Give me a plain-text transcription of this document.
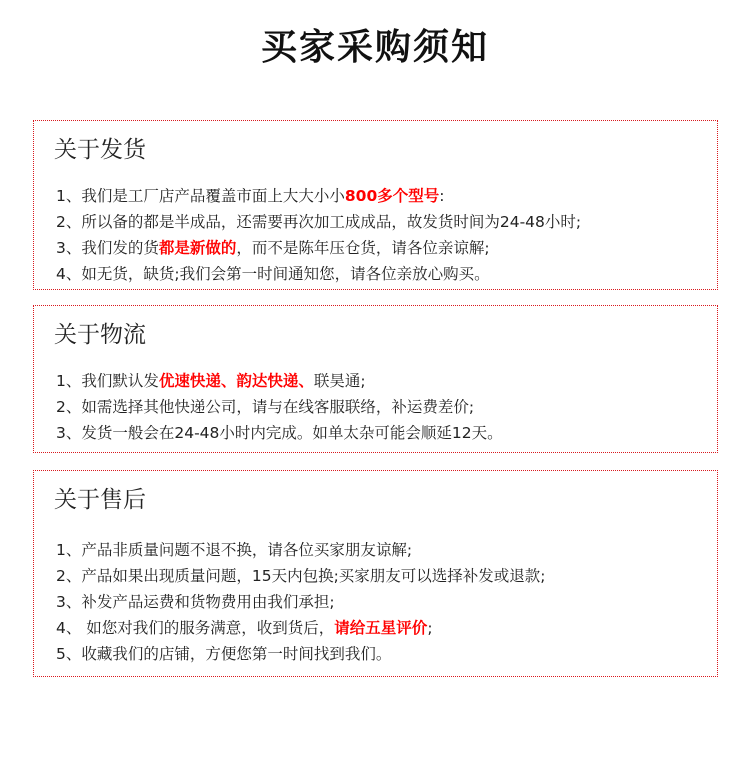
买家采购须知
关于发货
1、我们是工厂店产品覆盖市面上大大小小800多个型号:
2、所以备的都是半成品，还需要再次加工成成品，故发货时间为24-48小时;
3、我们发的货都是新做的，而不是陈年压仓货，请各位亲谅解;
4、如无货，缺货;我们会第一时间通知您，请各位亲放心购买。
关于物流
1、我们默认发优速快递、韵达快递、联昊通;
2、如需选择其他快递公司，请与在线客服联络，补运费差价;
3、发货一般会在24-48小时内完成。如单太杂可能会顺延12天。
关于售后
1、产品非质量问题不退不换，请各位买家朋友谅解;
2、产品如果出现质量问题，15天内包换;买家朋友可以选择补发或退款;
3、补发产品运费和货物费用由我们承担;
4、 如您对我们的服务满意，收到货后，请给五星评价;
5、收藏我们的店铺，方便您第一时间找到我们。
